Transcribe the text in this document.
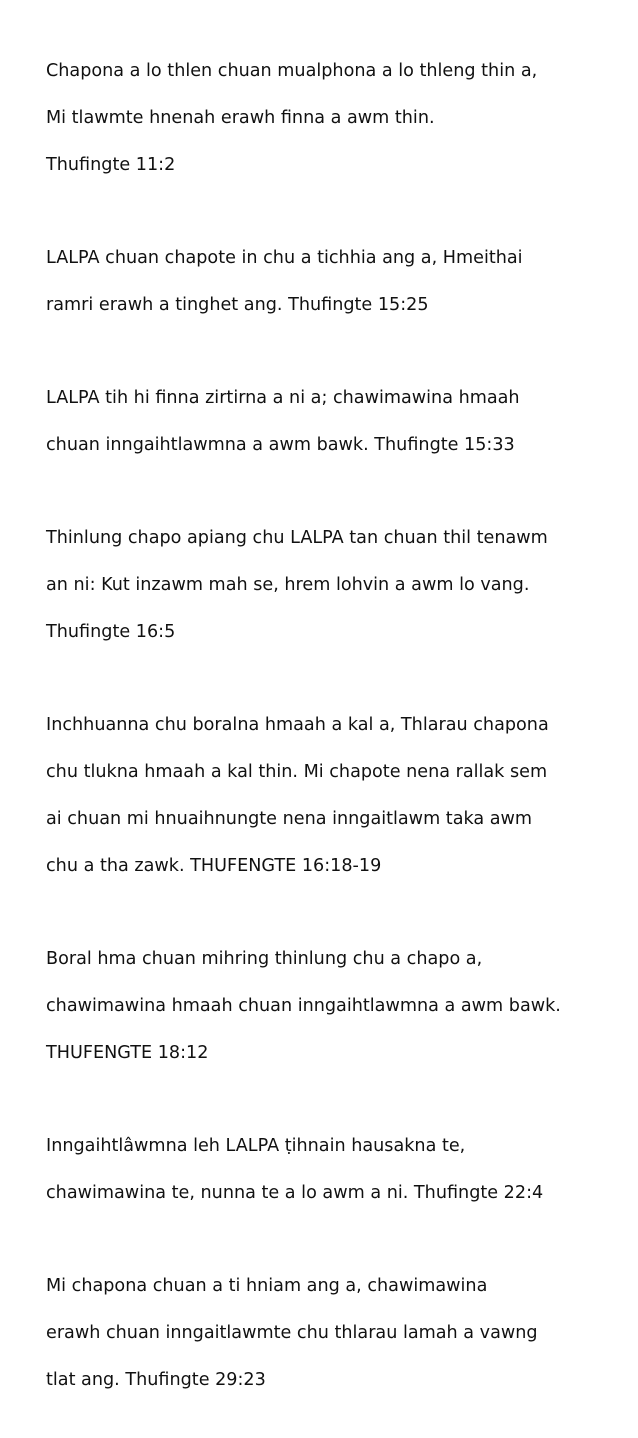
Chapona a lo thlen chuan mualphona a lo thleng thin a,

Mi tlawmte hnenah erawh finna a awm thin.

Thufingte 11:2

LALPA chuan chapote in chu a tichhia ang a, Hmeithai

ramri erawh a tinghet ang. Thufingte 15:25

LALPA tih hi finna zirtirna a ni a; chawimawina hmaah

chuan inngaihtlawmna a awm bawk. Thufingte 15:33

Thinlung chapo apiang chu LALPA tan chuan thil tenawm

an ni: Kut inzawm mah se, hrem lohvin a awm lo vang.

Thufingte 16:5

Inchhuanna chu boralna hmaah a kal a, Thlarau chapona

chu tlukna hmaah a kal thin. Mi chapote nena rallak sem

ai chuan mi hnuaihnungte nena inngaitlawm taka awm

chu a tha zawk. THUFENGTE 16:18-19

Boral hma chuan mihring thinlung chu a chapo a,

chawimawina hmaah chuan inngaihtlawmna a awm bawk.

THUFENGTE 18:12

Inngaihtlâwmna leh LALPA ṭihnain hausakna te,

chawimawina te, nunna te a lo awm a ni. Thufingte 22:4

Mi chapona chuan a ti hniam ang a, chawimawina

erawh chuan inngaitlawmte chu thlarau lamah a vawng

tlat ang. Thufingte 29:23
